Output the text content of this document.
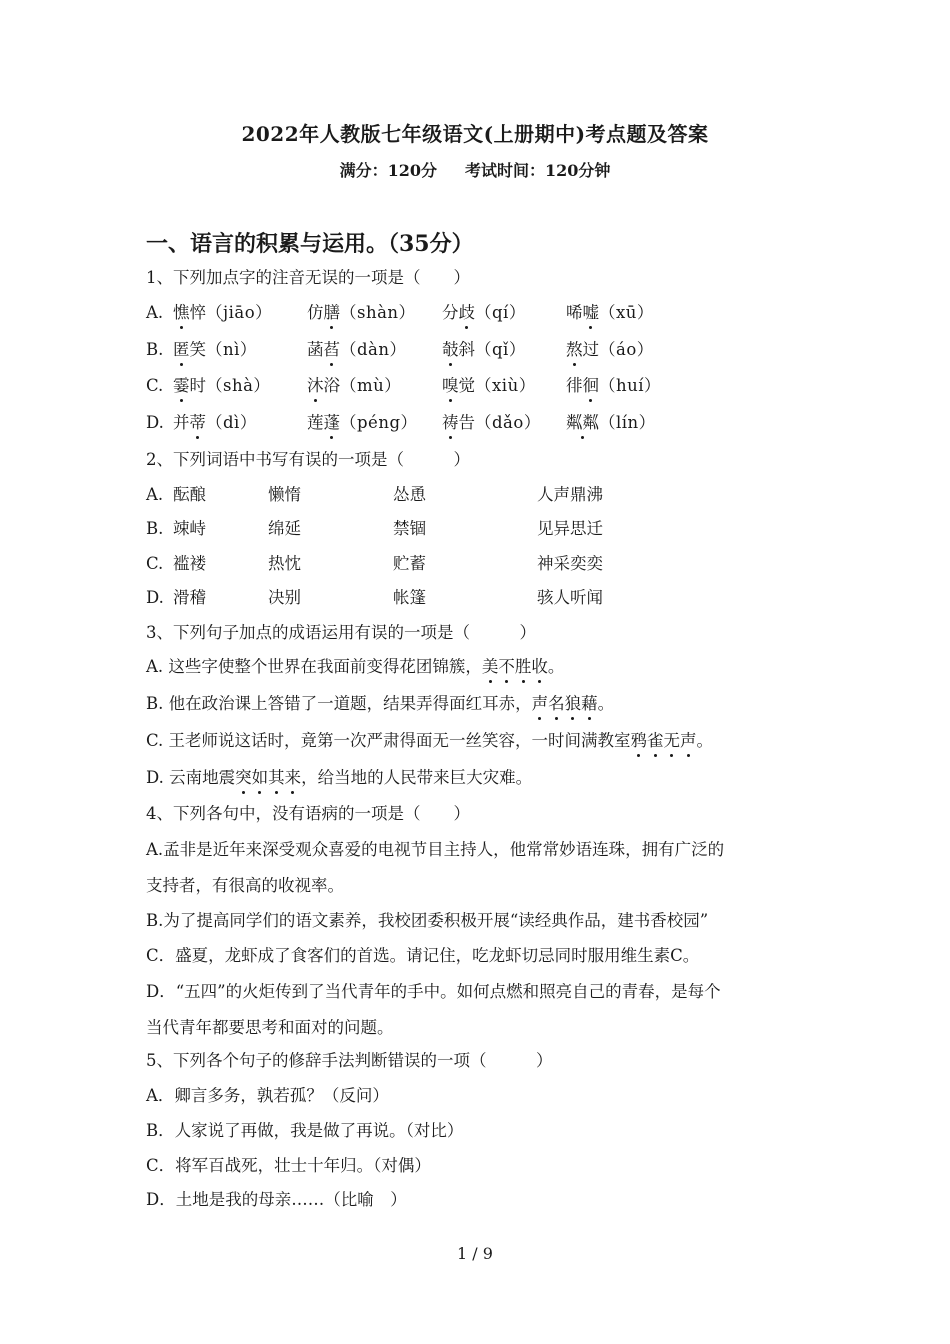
2022年人教版七年级语文(上册期中)考点题及答案
满分：120分 考试时间：120分钟
一、语言的积累与运用。（35分）
1、下列加点字的注音无误的一项是（　　）
A. 憔悴（jiāo） 仿膳（shàn） 分歧（qí） 唏嘘（xū）
B. 匿笑（nì）	菡萏（dàn） 攲斜（qǐ） 熬过（áo）
C. 霎时（shà） 沐浴（mù） 嗅觉（xiù） 徘徊（huí）
D. 并蒂（dì）	莲蓬（péng） 祷告（dǎo） 粼粼（lín）
2、下列词语中书写有误的一项是（　　　）
A. 酝酿	懒惰	怂恿	人声鼎沸
B. 竦峙	绵延	禁锢	见异思迁
C. 褴褛	热忱	贮蓄	神采奕奕
D. 滑稽	决别	帐篷	骇人听闻
3、下列句子加点的成语运用有误的一项是（　　　）
A. 这些字使整个世界在我面前变得花团锦簇，美不胜收。
B. 他在政治课上答错了一道题，结果弄得面红耳赤，声名狼藉。
C. 王老师说这话时，竟第一次严肃得面无一丝笑容，一时间满教室鸦雀无声。
D. 云南地震突如其来，给当地的人民带来巨大灾难。
4、下列各句中，没有语病的一项是（　　）
A.孟非是近年来深受观众喜爱的电视节目主持人，他常常妙语连珠，拥有广泛的
支持者，有很高的收视率。
B.为了提高同学们的语文素养，我校团委积极开展“读经典作品，建书香校园”
C．盛夏，龙虾成了食客们的首选。请记住，吃龙虾切忌同时服用维生素C。
D．“五四”的火炬传到了当代青年的手中。如何点燃和照亮自己的青春，是每个
当代青年都要思考和面对的问题。
5、下列各个句子的修辞手法判断错误的一项（　　　）
A．卿言多务，孰若孤？（反问）
B．人家说了再做，我是做了再说。（对比）
C．将军百战死，壮士十年归。（对偶）
D．土地是我的母亲……（比喻　）
1 / 9
